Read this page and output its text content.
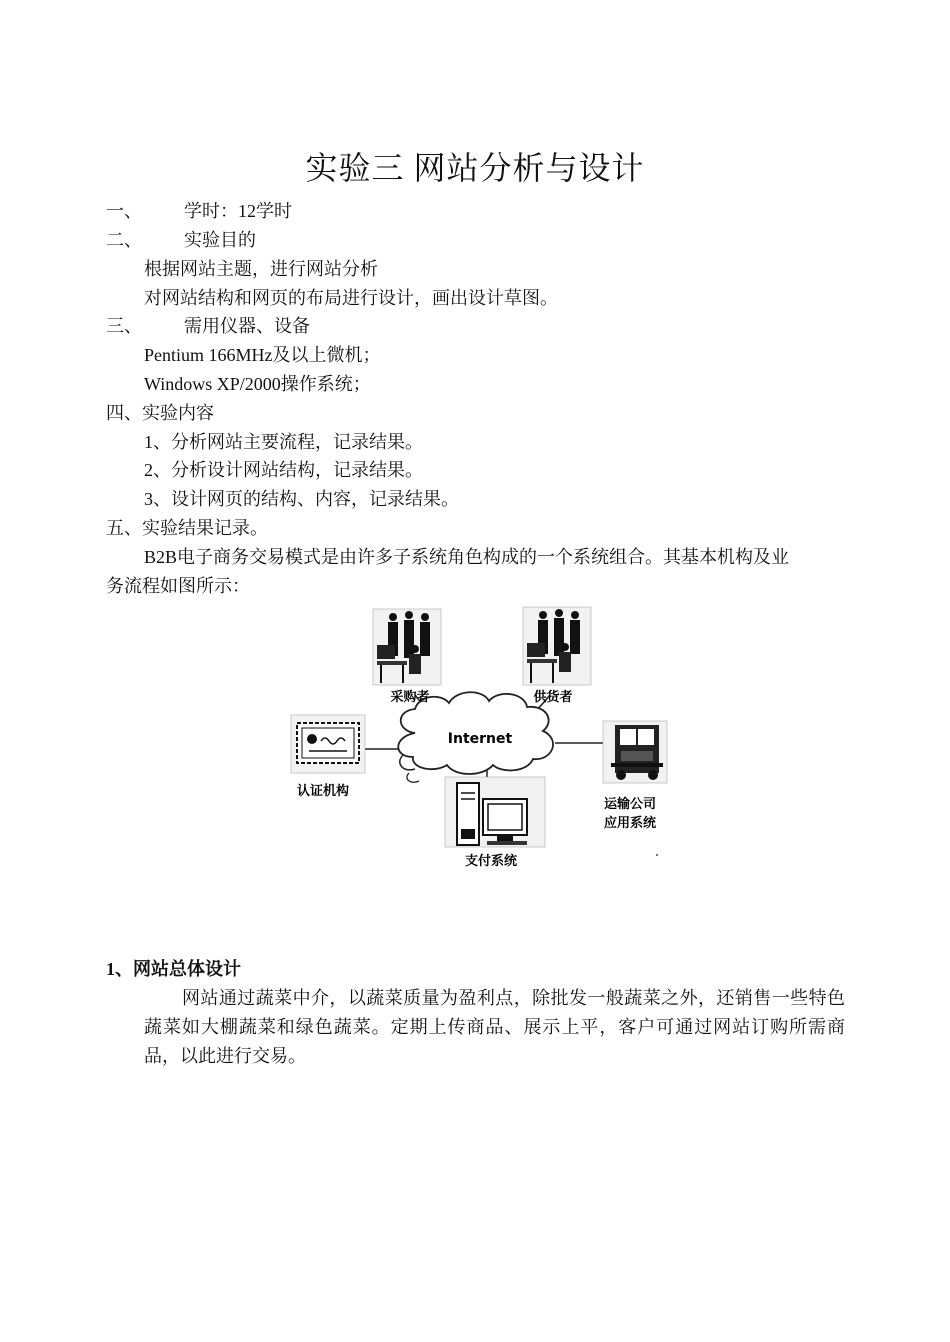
实验三 网站分析与设计
一、 学时：12学时
二、 实验目的
根据网站主题，进行网站分析
对网站结构和网页的布局进行设计，画出设计草图。
三、 需用仪器、设备
Pentium 166MHz及以上微机；
Windows XP/2000操作系统；
四、实验内容
1、分析网站主要流程，记录结果。
2、分析设计网站结构，记录结果。
3、设计网页的结构、内容，记录结果。
五、实验结果记录。
B2B电子商务交易模式是由许多子系统角色构成的一个系统组合。其基本机构及业
务流程如图所示：
Internet
采购者	供货者
认证机构
运输公司
应用系统
支付系统
1、网站总体设计
网站通过蔬菜中介，以蔬菜质量为盈利点，除批发一般蔬菜之外，还销售一些特色蔬菜如大棚蔬菜和绿色蔬菜。定期上传商品、展示上平，客户可通过网站订购所需商品，以此进行交易。
